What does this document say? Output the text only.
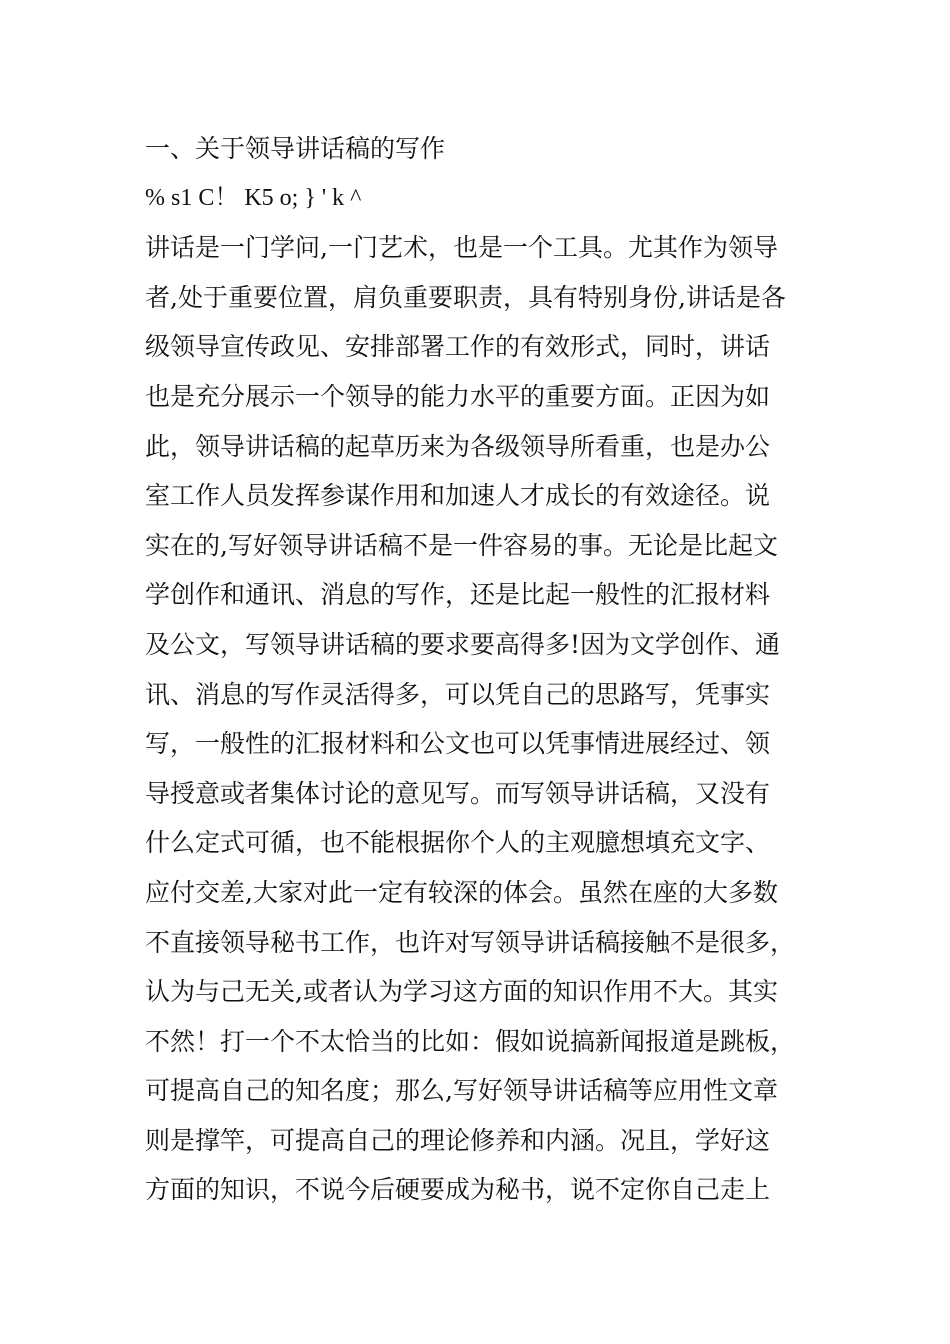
一、关于领导讲话稿的写作
% s1 C！ K5 o; } ' k ^
讲话是一门学问,一门艺术，也是一个工具。尤其作为领导
者,处于重要位置，肩负重要职责，具有特别身份,讲话是各
级领导宣传政见、安排部署工作的有效形式，同时，讲话
也是充分展示一个领导的能力水平的重要方面。正因为如
此，领导讲话稿的起草历来为各级领导所看重，也是办公
室工作人员发挥参谋作用和加速人才成长的有效途径。说
实在的,写好领导讲话稿不是一件容易的事。无论是比起文
学创作和通讯、消息的写作，还是比起一般性的汇报材料
及公文，写领导讲话稿的要求要高得多!因为文学创作、通
讯、消息的写作灵活得多，可以凭自己的思路写，凭事实
写，一般性的汇报材料和公文也可以凭事情进展经过、领
导授意或者集体讨论的意见写。而写领导讲话稿，又没有
什么定式可循，也不能根据你个人的主观臆想填充文字、
应付交差,大家对此一定有较深的体会。虽然在座的大多数
不直接领导秘书工作，也许对写领导讲话稿接触不是很多，
认为与己无关,或者认为学习这方面的知识作用不大。其实
不然！打一个不太恰当的比如：假如说搞新闻报道是跳板，
可提高自己的知名度；那么,写好领导讲话稿等应用性文章
则是撑竿，可提高自己的理论修养和内涵。况且，学好这
方面的知识，不说今后硬要成为秘书，说不定你自己走上
